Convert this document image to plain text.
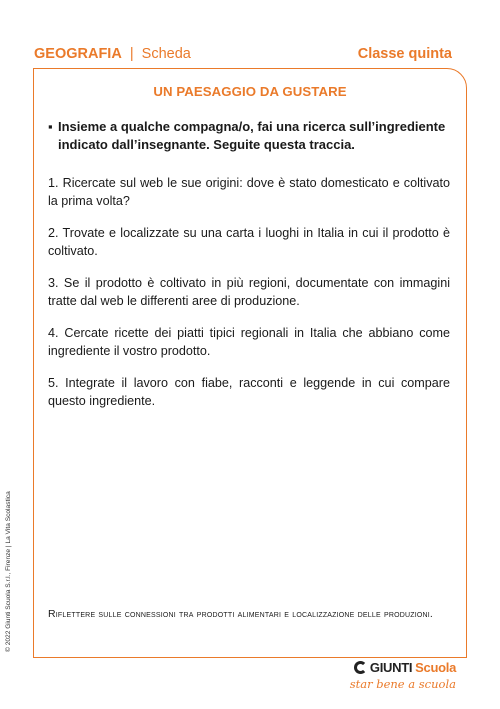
GEOGRAFIA | Scheda	Classe quinta
UN PAESAGGIO DA GUSTARE
▪ Insieme a qualche compagna/o, fai una ricerca sull’ingrediente indicato dall’insegnante. Seguite questa traccia.
1. Ricercate sul web le sue origini: dove è stato domesticato e coltivato la prima volta?
2. Trovate e localizzate su una carta i luoghi in Italia in cui il prodotto è coltivato.
3. Se il prodotto è coltivato in più regioni, documentate con immagini tratte dal web le differenti aree di produzione.
4. Cercate ricette dei piatti tipici regionali in Italia che abbiano come ingrediente il vostro prodotto.
5. Integrate il lavoro con fiabe, racconti e leggende in cui compare questo ingrediente.
Riflettere sulle connessioni tra prodotti alimentari e localizzazione delle produzioni.
© 2022 Giunti Scuola S.r.l., Firenze | La Vita Scolastica
GIUNTI Scuola
star bene a scuola
